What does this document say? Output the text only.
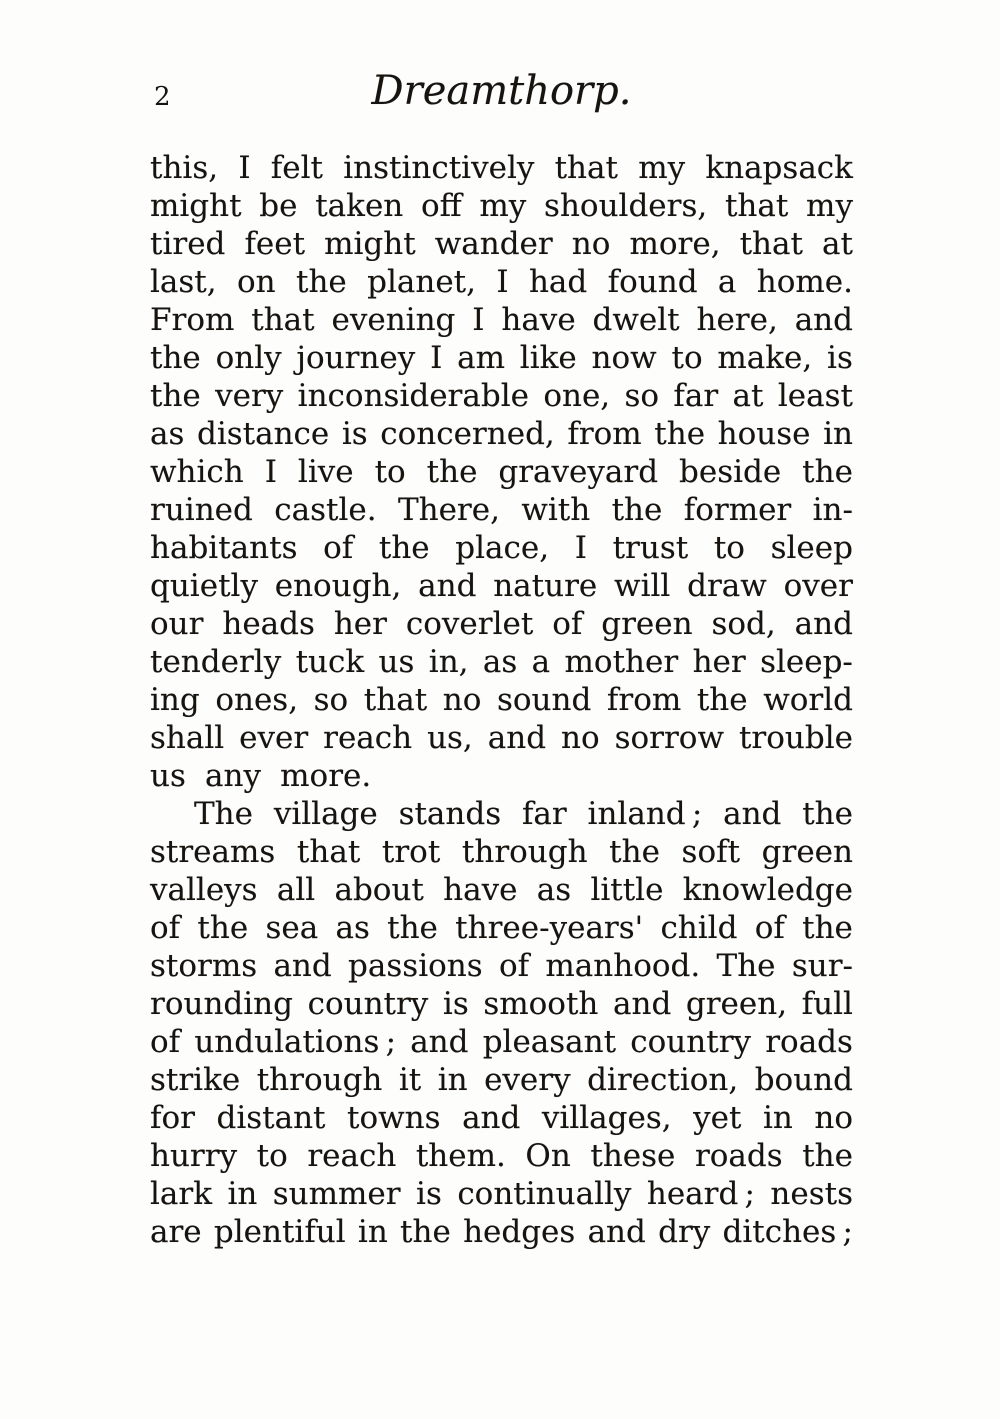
2	Dreamthorp.
this, I felt instinctively that my knapsack
might be taken off my shoulders, that my
tired feet might wander no more, that at
last, on the planet, I had found a home.
From that evening I have dwelt here, and
the only journey I am like now to make, is
the very inconsiderable one, so far at least
as distance is concerned, from the house in
which I live to the graveyard beside the
ruined castle. There, with the former in-
habitants of the place, I trust to sleep
quietly enough, and nature will draw over
our heads her coverlet of green sod, and
tenderly tuck us in, as a mother her sleep-
ing ones, so that no sound from the world
shall ever reach us, and no sorrow trouble
us any more.
The village stands far inland ; and the
streams that trot through the soft green
valleys all about have as little knowledge
of the sea as the three-years' child of the
storms and passions of manhood. The sur-
rounding country is smooth and green, full
of undulations ; and pleasant country roads
strike through it in every direction, bound
for distant towns and villages, yet in no
hurry to reach them. On these roads the
lark in summer is continually heard ; nests
are plentiful in the hedges and dry ditches ;
